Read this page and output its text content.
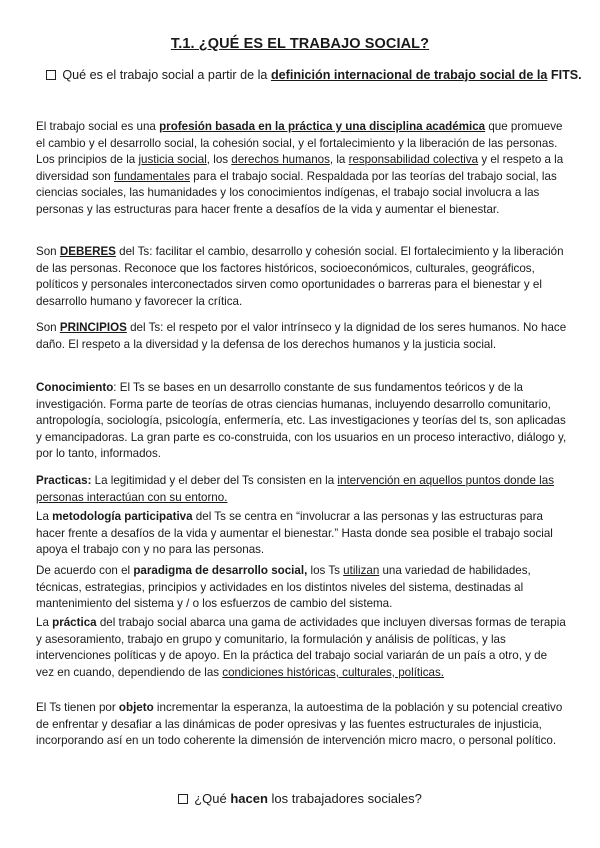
T.1. ¿QUÉ ES EL TRABAJO SOCIAL?
Qué es el trabajo social a partir de la definición internacional de trabajo social de la FITS.
El trabajo social es una profesión basada en la práctica y una disciplina académica que promueve el cambio y el desarrollo social, la cohesión social, y el fortalecimiento y la liberación de las personas. Los principios de la justicia social, los derechos humanos, la responsabilidad colectiva y el respeto a la diversidad son fundamentales para el trabajo social. Respaldada por las teorías del trabajo social, las ciencias sociales, las humanidades y los conocimientos indígenas, el trabajo social involucra a las personas y las estructuras para hacer frente a desafíos de la vida y aumentar el bienestar.
Son DEBERES del Ts: facilitar el cambio, desarrollo y cohesión social. El fortalecimiento y la liberación de las personas. Reconoce que los factores históricos, socioeconómicos, culturales, geográficos, políticos y personales interconectados sirven como oportunidades o barreras para el bienestar y el desarrollo humano y favorecer la crítica.
Son PRINCIPIOS del Ts: el respeto por el valor intrínseco y la dignidad de los seres humanos. No hace daño. El respeto a la diversidad y la defensa de los derechos humanos y la justicia social.
Conocimiento: El Ts se bases en un desarrollo constante de sus fundamentos teóricos y de la investigación. Forma parte de teorías de otras ciencias humanas, incluyendo desarrollo comunitario, antropología, sociología, psicología, enfermería, etc. Las investigaciones y teorías del ts, son aplicadas y emancipadoras. La gran parte es co-construida, con los usuarios en un proceso interactivo, diálogo y, por lo tanto, informados.
Practicas: La legitimidad y el deber del Ts consisten en la intervención en aquellos puntos donde las personas interactúan con su entorno.
La metodología participativa del Ts se centra en “involucrar a las personas y las estructuras para hacer frente a desafíos de la vida y aumentar el bienestar.” Hasta donde sea posible el trabajo social apoya el trabajo con y no para las personas.
De acuerdo con el paradigma de desarrollo social, los Ts utilizan una variedad de habilidades, técnicas, estrategias, principios y actividades en los distintos niveles del sistema, destinadas al mantenimiento del sistema y / o los esfuerzos de cambio del sistema.
La práctica del trabajo social abarca una gama de actividades que incluyen diversas formas de terapia y asesoramiento, trabajo en grupo y comunitario, la formulación y análisis de políticas, y las intervenciones políticas y de apoyo. En la práctica del trabajo social variarán de un país a otro, y de vez en cuando, dependiendo de las condiciones históricas, culturales, políticas.
El Ts tienen por objeto incrementar la esperanza, la autoestima de la población y su potencial creativo de enfrentar y desafiar a las dinámicas de poder opresivas y las fuentes estructurales de injusticia, incorporando así en un todo coherente la dimensión de intervención micro macro, o personal político.
¿Qué hacen los trabajadores sociales?
